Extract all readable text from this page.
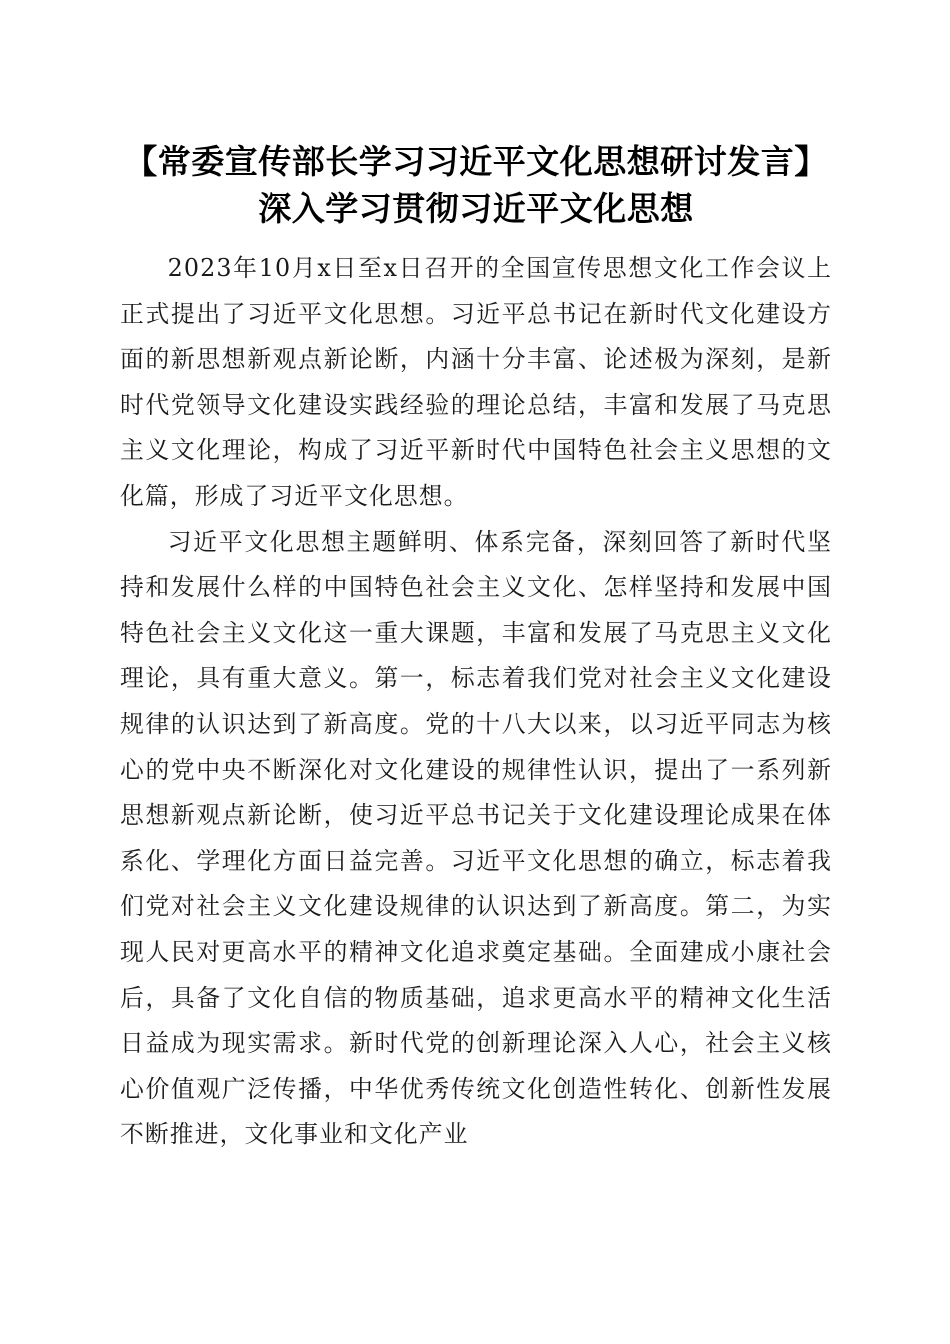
【常委宣传部长学习习近平文化思想研讨发言】深入学习贯彻习近平文化思想

2023年10月x日至x日召开的全国宣传思想文化工作会议上正式提出了习近平文化思想。习近平总书记在新时代文化建设方面的新思想新观点新论断，内涵十分丰富、论述极为深刻，是新时代党领导文化建设实践经验的理论总结，丰富和发展了马克思主义文化理论，构成了习近平新时代中国特色社会主义思想的文化篇，形成了习近平文化思想。

习近平文化思想主题鲜明、体系完备，深刻回答了新时代坚持和发展什么样的中国特色社会主义文化、怎样坚持和发展中国特色社会主义文化这一重大课题，丰富和发展了马克思主义文化理论，具有重大意义。第一，标志着我们党对社会主义文化建设规律的认识达到了新高度。党的十八大以来，以习近平同志为核心的党中央不断深化对文化建设的规律性认识，提出了一系列新思想新观点新论断，使习近平总书记关于文化建设理论成果在体系化、学理化方面日益完善。习近平文化思想的确立，标志着我们党对社会主义文化建设规律的认识达到了新高度。第二，为实现人民对更高水平的精神文化追求奠定基础。全面建成小康社会后，具备了文化自信的物质基础，追求更高水平的精神文化生活日益成为现实需求。新时代党的创新理论深入人心，社会主义核心价值观广泛传播，中华优秀传统文化创造性转化、创新性发展不断推进，文化事业和文化产业
